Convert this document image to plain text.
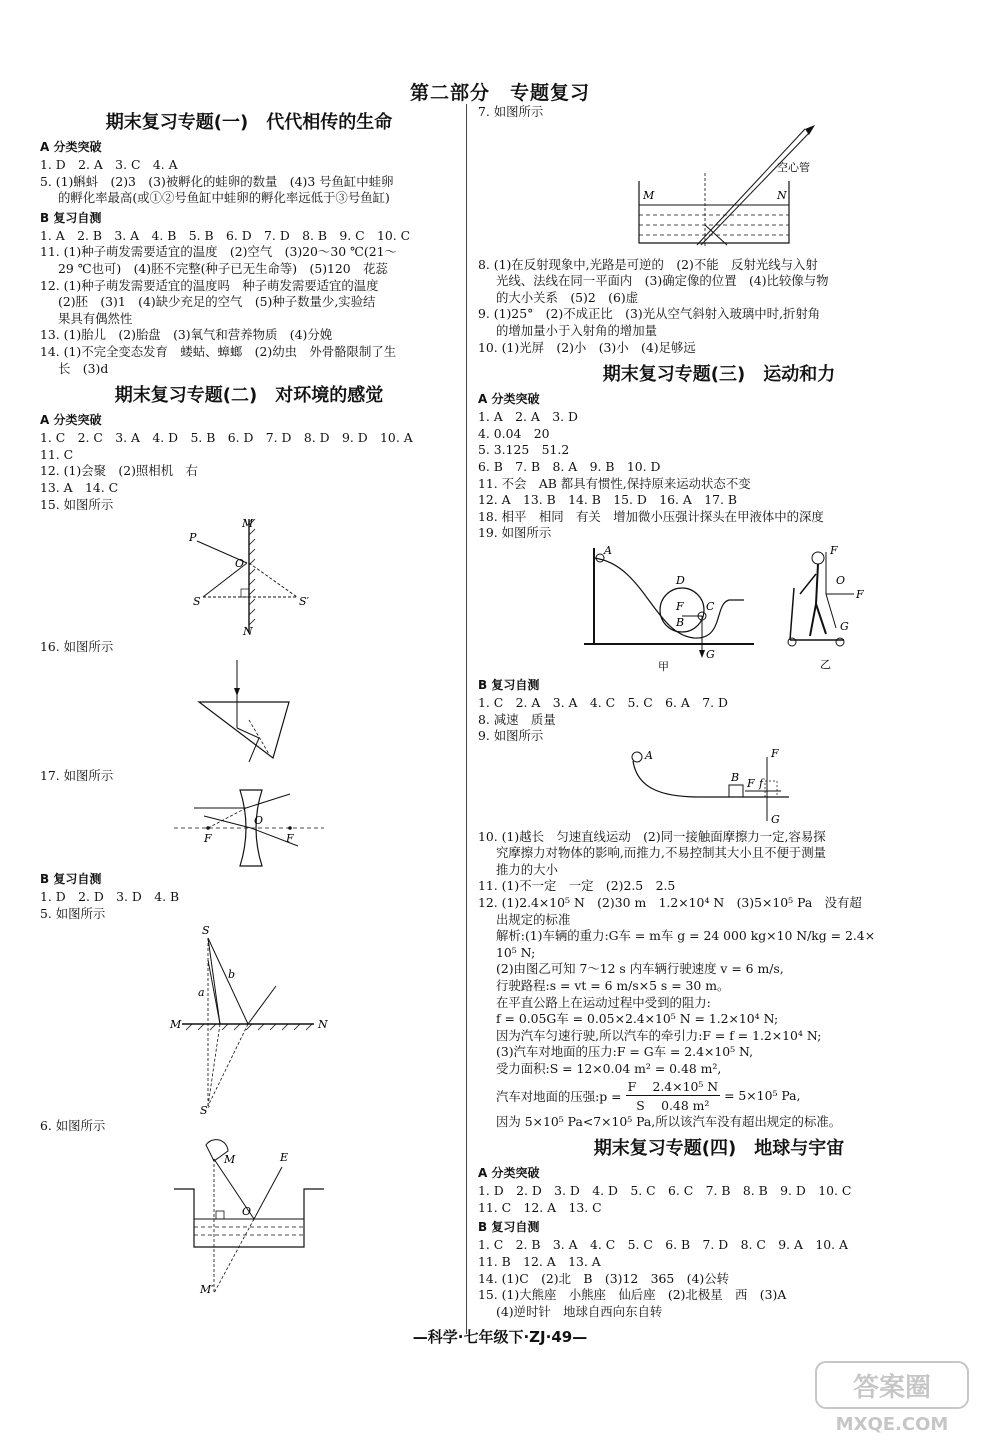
第二部分　专题复习
期末复习专题(一)　代代相传的生命
A 分类突破

1. D　2. A　3. C　4. A

5. (1)蝌蚪　(2)3　(3)被孵化的蛙卵的数量　(4)3 号鱼缸中蛙卵

的孵化率最高(或①②号鱼缸中蛙卵的孵化率远低于③号鱼缸)

B 复习自测

1. A　2. B　3. A　4. B　5. B　6. D　7. D　8. B　9. C　10. C

11. (1)种子萌发需要适宜的温度　(2)空气　(3)20～30 ℃(21～

29 ℃也可)　(4)胚不完整(种子已无生命等)　(5)120　花蕊

12. (1)种子萌发需要适宜的温度吗　种子萌发需要适宜的温度

(2)胚　(3)1　(4)缺少充足的空气　(5)种子数量少,实验结

果具有偶然性

13. (1)胎儿　(2)胎盘　(3)氧气和营养物质　(4)分娩

14. (1)不完全变态发育　蝼蛄、蟑螂　(2)幼虫　外骨骼限制了生

长　(3)d

期末复习专题(二)　对环境的感觉
A 分类突破

1. C　2. C　3. A　4. D　5. B　6. D　7. D　8. D　9. D　10. A

11. C

12. (1)会聚　(2)照相机　右

13. A　14. C

15. 如图所示

M
P
O
S	S′
N

16. 如图所示

17. 如图所示

F	F
O
B 复习自测

1. D　2. D　3. D　4. B

5. 如图所示

S
a
b
M	N
S′

6. 如图所示

M	E
O
M′

7. 如图所示

M	N
空心管

8. (1)在反射现象中,光路是可逆的　(2)不能　反射光线与入射

光线、法线在同一平面内　(3)确定像的位置　(4)比较像与物

的大小关系　(5)2　(6)虚

9. (1)25°　(2)不成正比　(3)光从空气斜射入玻璃中时,折射角

的增加量小于入射角的增加量

10. (1)光屏　(2)小　(3)小　(4)足够远

期末复习专题(三)　运动和力
A 分类突破

1. A　2. A　3. D

4. 0.04　20

5. 3.125　51.2

6. B　7. B　8. A　9. B　10. D

11. 不会　AB 都具有惯性,保持原来运动状态不变

12. A　13. B　14. B　15. D　16. A　17. B

18. 相平　相同　有关　增加微小压强计探头在甲液体中的深度

19. 如图所示

A
D
F C
B
G
甲
F
O
F
G
乙
B 复习自测

1. C　2. A　3. A　4. C　5. C　6. A　7. D

8. 减速　质量

9. 如图所示

A
B F f
F
G

10. (1)越长　匀速直线运动　(2)同一接触面摩擦力一定,容易探

究摩擦力对物体的影响,而推力,不易控制其大小且不便于测量

推力的大小

11. (1)不一定　一定　(2)2.5　2.5

12. (1)2.4×10⁵ N　(2)30 m　1.2×10⁴ N　(3)5×10⁵ Pa　没有超

出规定的标准

解析:(1)车辆的重力:G车 = m车 g = 24 000 kg×10 N/kg = 2.4×

10⁵ N;

(2)由图乙可知 7～12 s 内车辆行驶速度 v = 6 m/s,

行驶路程:s = vt = 6 m/s×5 s = 30 m。

在平直公路上在运动过程中受到的阻力:

f = 0.05G车 = 0.05×2.4×10⁵ N = 1.2×10⁴ N;

因为汽车匀速行驶,所以汽车的牵引力:F = f = 1.2×10⁴ N;

(3)汽车对地面的压力:F = G车 = 2.4×10⁵ N,

受力面积:S = 12×0.04 m² = 0.48 m²,

汽车对地面的压强:p = $\frac{\text{F　 2.4×10⁵ N}}{\text{S　 0.48 m²}} = 5\times 10^5$ Pa,

因为 5×10⁵ Pa<7×10⁵ Pa,所以该汽车没有超出规定的标准。

期末复习专题(四)　地球与宇宙
A 分类突破

1. D　2. D　3. D　4. D　5. C　6. C　7. B　8. B　9. D　10. C

11. C　12. A　13. C

B 复习自测

1. C　2. B　3. A　4. C　5. C　6. B　7. D　8. C　9. A　10. A

11. B　12. A　13. A

14. (1)C　(2)北　B　(3)12　365　(4)公转

15. (1)大熊座　小熊座　仙后座　(2)北极星　西　(3)A

(4)逆时针　地球自西向东自转

—科学·七年级下·ZJ·49—
答案圈
MXQE.COM
